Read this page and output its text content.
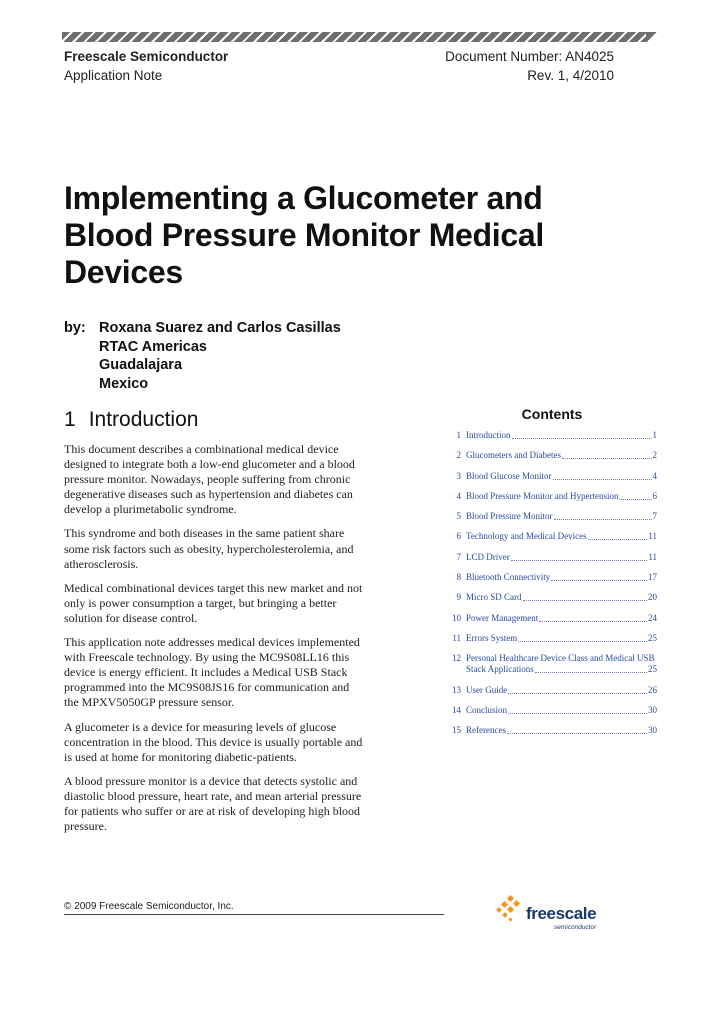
Freescale Semiconductor
Application Note
Document Number: AN4025
Rev. 1, 4/2010
Implementing a Glucometer and Blood Pressure Monitor Medical Devices
by: Roxana Suarez and Carlos Casillas
RTAC Americas
Guadalajara
Mexico
1 Introduction

This document describes a combinational medical device designed to integrate both a low-end glucometer and a blood pressure monitor. Nowadays, people suffering from chronic degenerative diseases such as hypertension and diabetes can develop a plurimetabolic syndrome.

This syndrome and both diseases in the same patient share some risk factors such as obesity, hypercholesterolemia, and atherosclerosis.

Medical combinational devices target this new market and not only is power consumption a target, but bringing a better solution for disease control.

This application note addresses medical devices implemented with Freescale technology. By using the MC9S08LL16 this device is energy efficient. It includes a Medical USB Stack programmed into the MC9S08JS16 for communication and the MPXV5050GP pressure sensor.

A glucometer is a device for measuring levels of glucose concentration in the blood. This device is usually portable and is used at home for monitoring diabetic-patients.

A blood pressure monitor is a device that detects systolic and diastolic blood pressure, heart rate, and mean arterial pressure for patients who suffer or are at risk of developing high blood pressure.

Contents
1 Introduction	1
2 Glucometers and Diabetes	2
3 Blood Glucose Monitor	4
4 Blood Pressure Monitor and Hypertension	6
5 Blood Pressure Monitor	7
6 Technology and Medical Devices	11
7 LCD Driver	11
8 Bluetooth Connectivity	17
9 Micro SD Card	20
10 Power Management	24
11 Errors System	25
12 Personal Healthcare Device Class and Medical USB
Stack Applications	25
13 User Guide	26
14 Conclusion	30
15 References	30
© 2009 Freescale Semiconductor, Inc.	freescale
semiconductor
